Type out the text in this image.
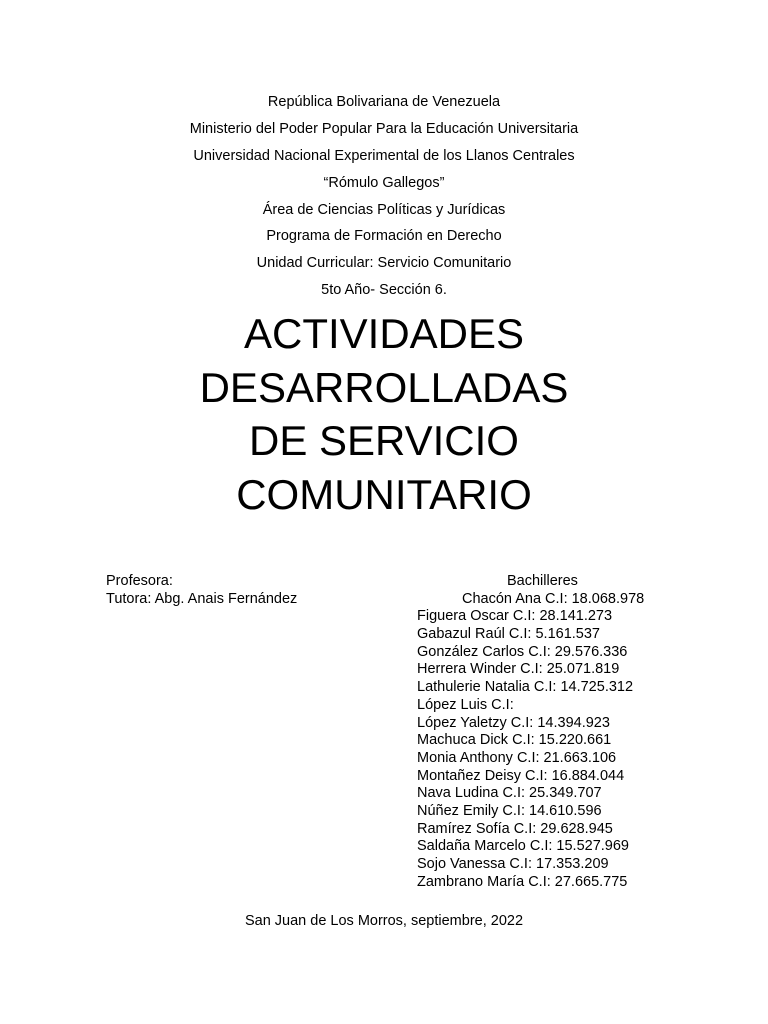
República Bolivariana de Venezuela
Ministerio del Poder Popular Para la Educación Universitaria
Universidad Nacional Experimental de los Llanos Centrales
“Rómulo Gallegos”
Área de Ciencias Políticas y Jurídicas
Programa de Formación en Derecho
Unidad Curricular: Servicio Comunitario
5to Año- Sección 6.
ACTIVIDADES
DESARROLLADAS
DE SERVICIO
COMUNITARIO
Profesora:
Tutora: Abg. Anais Fernández
Bachilleres
Chacón Ana C.I: 18.068.978
Figuera Oscar C.I: 28.141.273
Gabazul Raúl C.I: 5.161.537
González Carlos C.I: 29.576.336
Herrera Winder C.I: 25.071.819
Lathulerie Natalia C.I: 14.725.312
López Luis C.I:
López Yaletzy C.I: 14.394.923
Machuca Dick C.I: 15.220.661
Monia Anthony C.I: 21.663.106
Montañez Deisy C.I: 16.884.044
Nava Ludina C.I: 25.349.707
Núñez Emily C.I: 14.610.596
Ramírez Sofía C.I: 29.628.945
Saldaña Marcelo C.I: 15.527.969
Sojo Vanessa C.I: 17.353.209
Zambrano María C.I: 27.665.775
San Juan de Los Morros, septiembre, 2022
